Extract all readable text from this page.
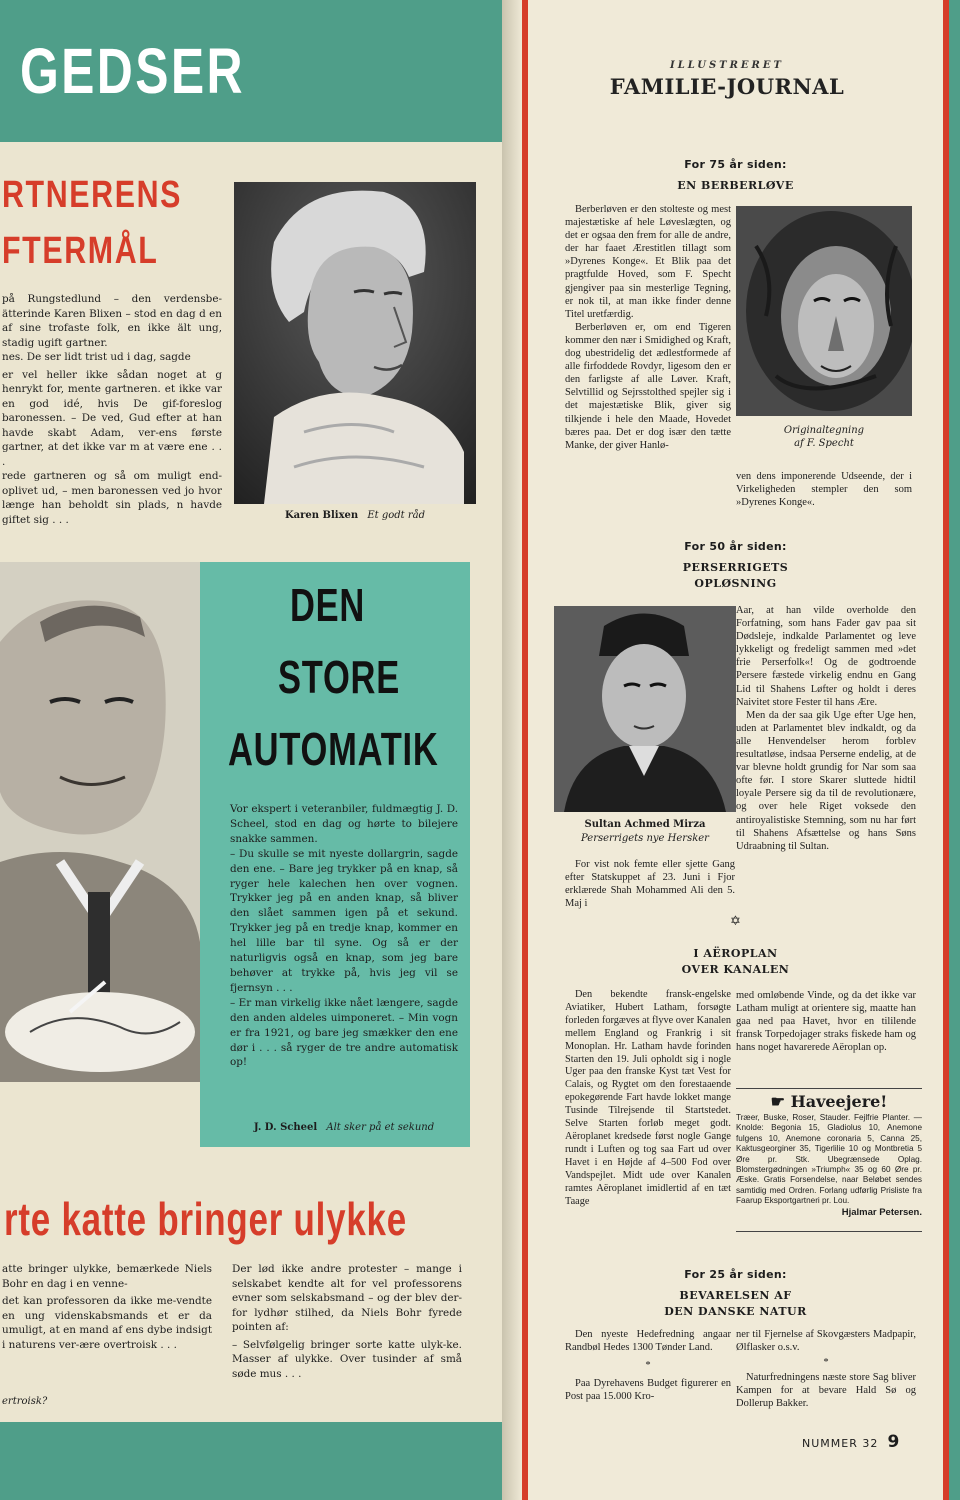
GEDSER
RTNERENS
FTERMÅL

på Rungstedlund – den verdensbe-ätterinde Karen Blixen – stod en dag d en af sine trofaste folk, en ikke ält ung, stadig ugift gartner.

nes. De ser lidt trist ud i dag, sagde

er vel heller ikke sådan noget at g henrykt for, mente gartneren. et ikke var en god idé, hvis De gif-foreslog baronessen. – De ved, Gud efter at han havde skabt Adam, ver-ens første gartner, at det ikke var m at være ene . . .

rede gartneren og så om muligt end-oplivet ud, – men baronessen ved jo hvor længe han beholdt sin plads, n havde giftet sig . . .	Karen Blixen Et godt råd
DEN
STORE
AUTOMATIK

Vor ekspert i veteranbiler, fuldmægtig J. D. Scheel, stod en dag og hørte to bilejere snakke sammen.

– Du skulle se mit nyeste dollargrin, sagde den ene. – Bare jeg trykker på en knap, så ryger hele kalechen hen over vognen. Trykker jeg på en anden knap, så bliver den slået sammen igen på et sekund. Trykker jeg på en tredje knap, kommer en hel lille bar til syne. Og så er der naturligvis også en knap, som jeg bare behøver at trykke på, hvis jeg vil se fjernsyn . . .

– Er man virkelig ikke nået længere, sagde den anden aldeles uimponeret. – Min vogn er fra 1921, og bare jeg smækker den ene dør i . . . så ryger de tre andre automatisk op!

J. D. Scheel Alt sker på et sekund
rte katte bringer ulykke

atte bringer ulykke, bemærkede Niels Bohr en dag i en venne-

det kan professoren da ikke me-vendte en ung videnskabsmands et er da umuligt, at en mand af ens dybe indsigt i naturens ver-ære overtroisk . . .

Der lød ikke andre protester – mange i selskabet kendte alt for vel professorens evner som selskabsmand – og der blev der-for lydhør stilhed, da Niels Bohr fyrede pointen af:

– Selvfølgelig bringer sorte katte ulyk-ke. Masser af ulykke. Over tusinder af små søde mus . . .

ertroisk?
ILLUSTRERET
FAMILIE-JOURNAL
For 75 år siden:
EN BERBERLØVE

Berberløven er den stolteste og mest majestætiske af hele Løveslægten, og det er ogsaa den frem for alle de andre, der har faaet Ærestitlen tillagt som »Dyrenes Konge«. Et Blik paa det pragtfulde Hoved, som F. Specht gjengiver paa sin mesterlige Tegning, er nok til, at man ikke finder denne Titel uretfærdig.

Berberløven er, om end Tigeren kommer den nær i Smidighed og Kraft, dog ubestridelig det ædlestformede af alle firfoddede Rovdyr, ligesom den er den farligste af alle Løver. Kraft, Selvtillid og Sejrsstolthed spejler sig i det majestætiske Blik, giver sig tilkjende i hele den Maade, Hovedet bæres paa. Det er dog især den tætte Manke, der giver Hanlø-

Originaltegning
af F. Specht
ven dens imponerende Udseende, der i Virkeligheden stempler den som »Dyrenes Konge«.
For 50 år siden:
PERSERRIGETS
OPLØSNING
Sultan Achmed Mirza
Perserrigets nye Hersker
For vist nok femte eller sjette Gang efter Statskuppet af 23. Juni i Fjor erklærede Shah Mohammed Ali den 5. Maj i

Aar, at han vilde overholde den Forfatning, som hans Fader gav paa sit Dødsleje, indkalde Parlamentet og leve lykkeligt og fredeligt sammen med »det frie Perserfolk«! Og de godtroende Persere fæstede virkelig endnu en Gang Lid til Shahens Løfter og holdt i deres Naivitet store Fester til hans Ære.

Men da der saa gik Uge efter Uge hen, uden at Parlamentet blev indkaldt, og da alle Henvendelser herom forblev resultatløse, indsaa Perserne endelig, at de var blevne holdt grundig for Nar som saa ofte før. I store Skarer sluttede hidtil loyale Persere sig da til de revolutionære, og over hele Riget voksede den antiroyalistiske Stemning, som nu har ført til Shahens Afsættelse og hans Søns Udraabning til Sultan.

✡
I AËROPLAN
OVER KANALEN
Den bekendte fransk-engelske Aviatiker, Hubert Latham, forsøgte forleden forgæves at flyve over Kanalen mellem England og Frankrig i sit Monoplan. Hr. Latham havde forinden Starten den 19. Juli opholdt sig i nogle Uger paa den franske Kyst tæt Vest for Calais, og Rygtet om den forestaaende epokegørende Fart havde lokket mange Tusinde Tilrejsende til Startstedet. Selve Starten forløb meget godt. Aëroplanet kredsede først nogle Gange rundt i Luften og tog saa Fart ud over Havet i en Højde af 4–500 Fod over Vandspejlet. Midt ude over Kanalen ramtes Aëroplanet imidlertid af en tæt Taage
med omløbende Vinde, og da det ikke var Latham muligt at orientere sig, maatte han gaa ned paa Havet, hvor en tililende fransk Torpedojager straks fiskede ham og hans noget havarerede Aëroplan op.
☛ Haveejere!
Træer, Buske, Roser, Stauder. Fejlfrie Planter. — Knolde: Begonia 15, Gladiolus 10, Anemone fulgens 10, Anemone coronaria 5, Canna 25, Kaktusgeorginer 35, Tigerlilie 10 og Montbretia 5 Øre pr. Stk. Ubegrænsede Oplag. Blomstergødningen »Triumph« 35 og 60 Øre pr. Æske. Gratis Forsendelse, naar Beløbet sendes samtidig med Ordren. Forlang udførlig Prisliste fra Faarup Eksportgartneri pr. Lou.
Hjalmar Petersen.
For 25 år siden:
BEVARELSEN AF
DEN DANSKE NATUR

Den nyeste Hedefredning angaar Randbøl Hedes 1300 Tønder Land.

*

Paa Dyrehavens Budget figurerer en Post paa 15.000 Kro-

ner til Fjernelse af Skovgæsters Madpapir, Ølflasker o.s.v.

*

Naturfredningens næste store Sag bliver Kampen for at bevare Hald Sø og Dollerup Bakker.

NUMMER 32 9
